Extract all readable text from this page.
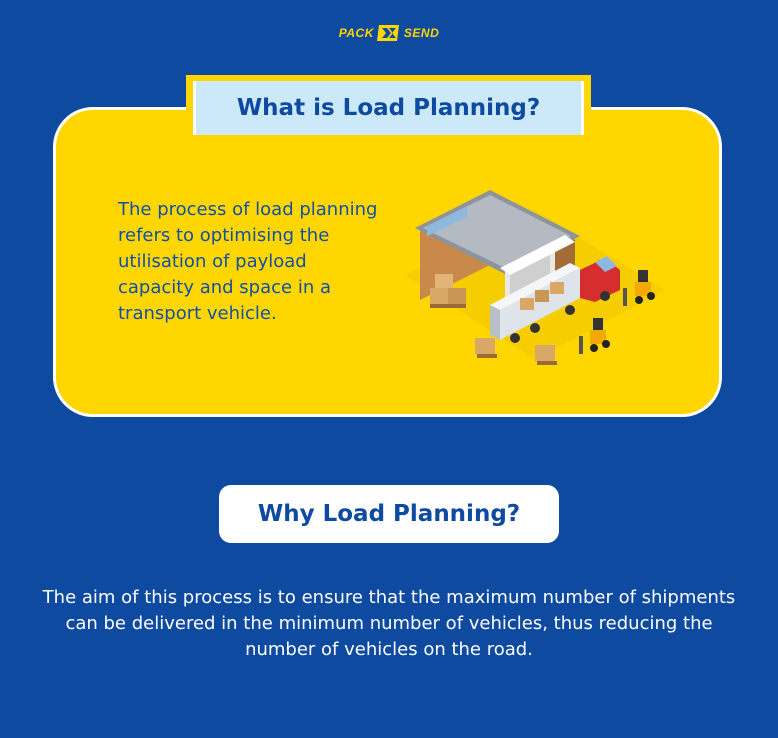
PACK	SEND
What is Load Planning?
The process of load planning refers to optimising the utilisation of payload capacity and space in a transport vehicle.
Why Load Planning?
The aim of this process is to ensure that the maximum number of shipments can be delivered in the minimum number of vehicles, thus reducing the number of vehicles on the road.
